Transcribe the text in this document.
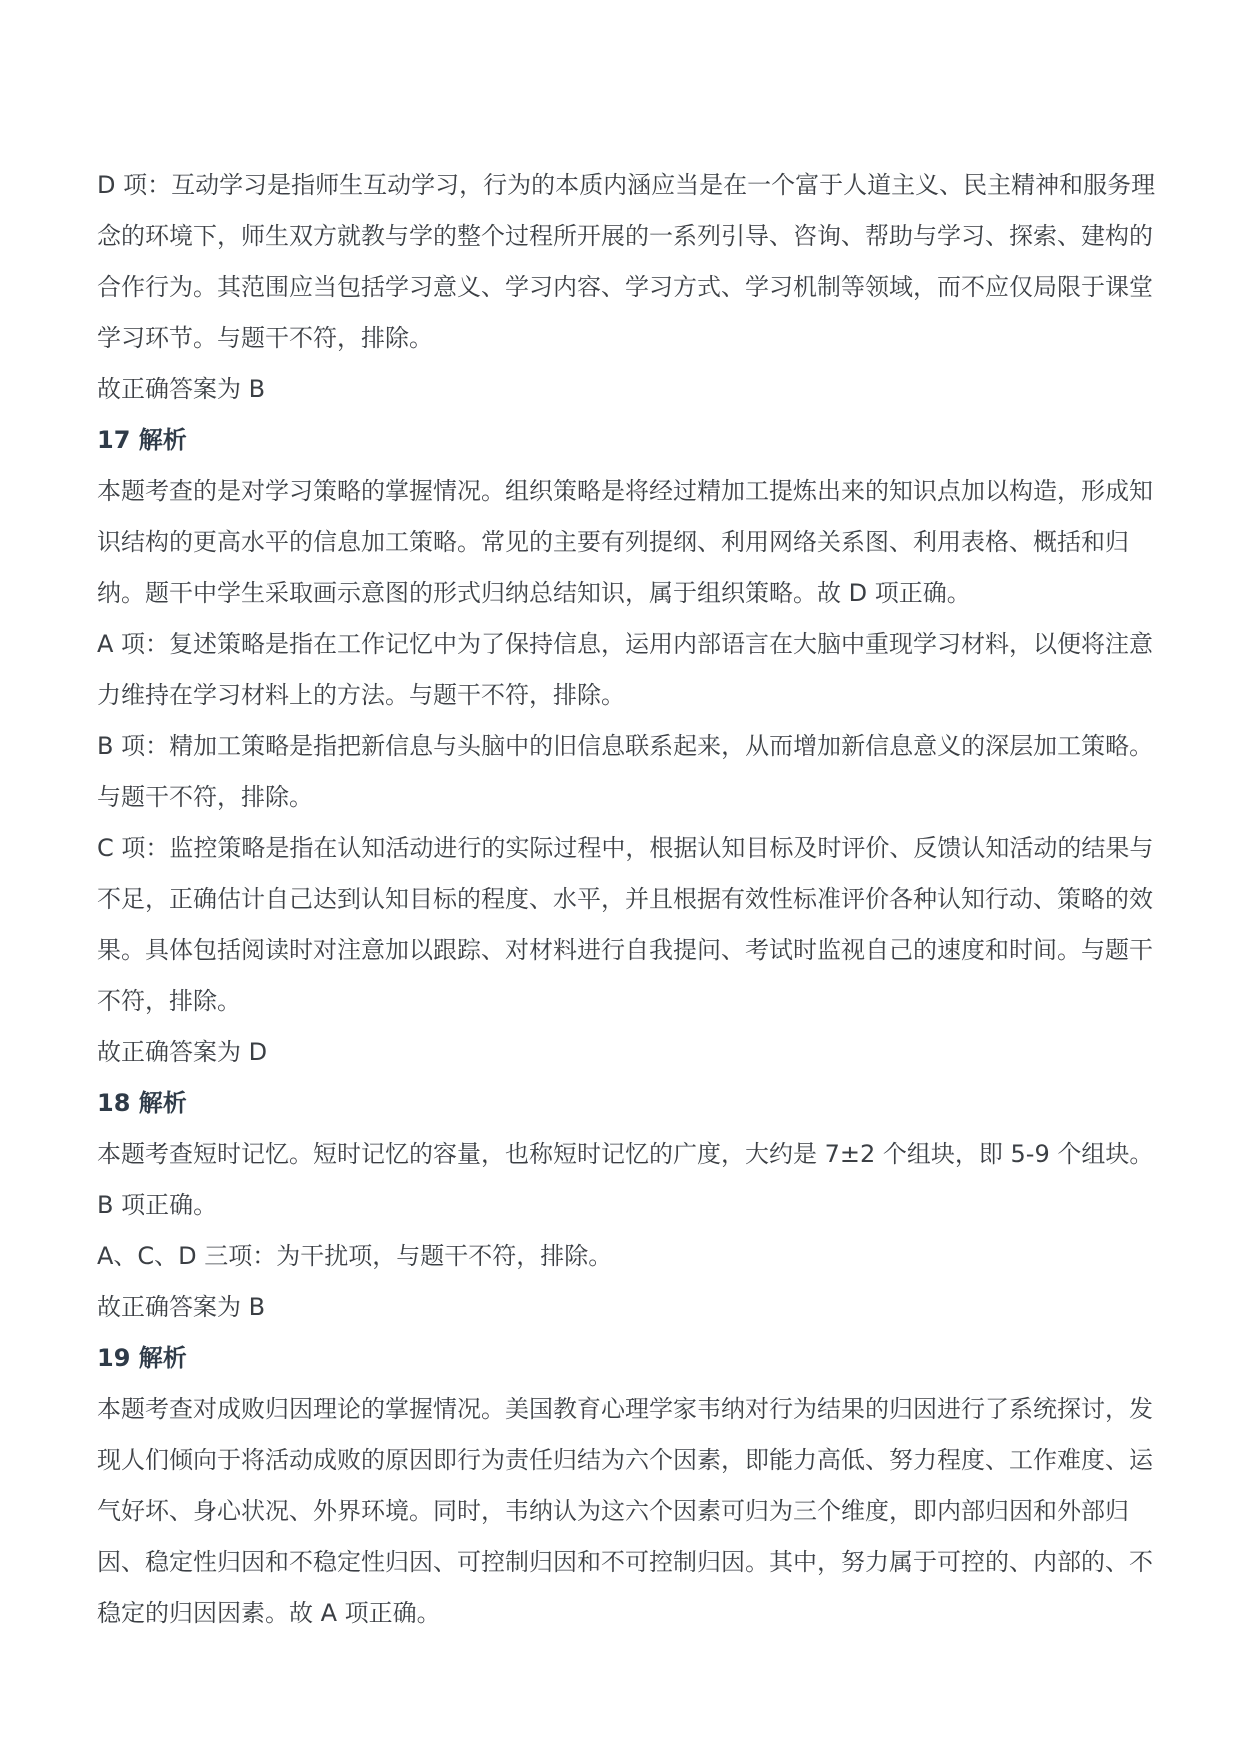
D 项：互动学习是指师生互动学习，行为的本质内涵应当是在一个富于人道主义、民主精神和服务理念的环境下，师生双方就教与学的整个过程所开展的一系列引导、咨询、帮助与学习、探索、建构的合作行为。其范围应当包括学习意义、学习内容、学习方式、学习机制等领域，而不应仅局限于课堂学习环节。与题干不符，排除。

故正确答案为 B

17 解析

本题考查的是对学习策略的掌握情况。组织策略是将经过精加工提炼出来的知识点加以构造，形成知识结构的更高水平的信息加工策略。常见的主要有列提纲、利用网络关系图、利用表格、概括和归纳。题干中学生采取画示意图的形式归纳总结知识，属于组织策略。故 D 项正确。

A 项：复述策略是指在工作记忆中为了保持信息，运用内部语言在大脑中重现学习材料，以便将注意力维持在学习材料上的方法。与题干不符，排除。

B 项：精加工策略是指把新信息与头脑中的旧信息联系起来，从而增加新信息意义的深层加工策略。与题干不符，排除。

C 项：监控策略是指在认知活动进行的实际过程中，根据认知目标及时评价、反馈认知活动的结果与不足，正确估计自己达到认知目标的程度、水平，并且根据有效性标准评价各种认知行动、策略的效果。具体包括阅读时对注意加以跟踪、对材料进行自我提问、考试时监视自己的速度和时间。与题干不符，排除。

故正确答案为 D

18 解析

本题考查短时记忆。短时记忆的容量，也称短时记忆的广度，大约是 7±2 个组块，即 5-9 个组块。B 项正确。

A、C、D 三项：为干扰项，与题干不符，排除。

故正确答案为 B

19 解析

本题考查对成败归因理论的掌握情况。美国教育心理学家韦纳对行为结果的归因进行了系统探讨，发现人们倾向于将活动成败的原因即行为责任归结为六个因素，即能力高低、努力程度、工作难度、运气好坏、身心状况、外界环境。同时，韦纳认为这六个因素可归为三个维度，即内部归因和外部归因、稳定性归因和不稳定性归因、可控制归因和不可控制归因。其中，努力属于可控的、内部的、不稳定的归因因素。故 A 项正确。
